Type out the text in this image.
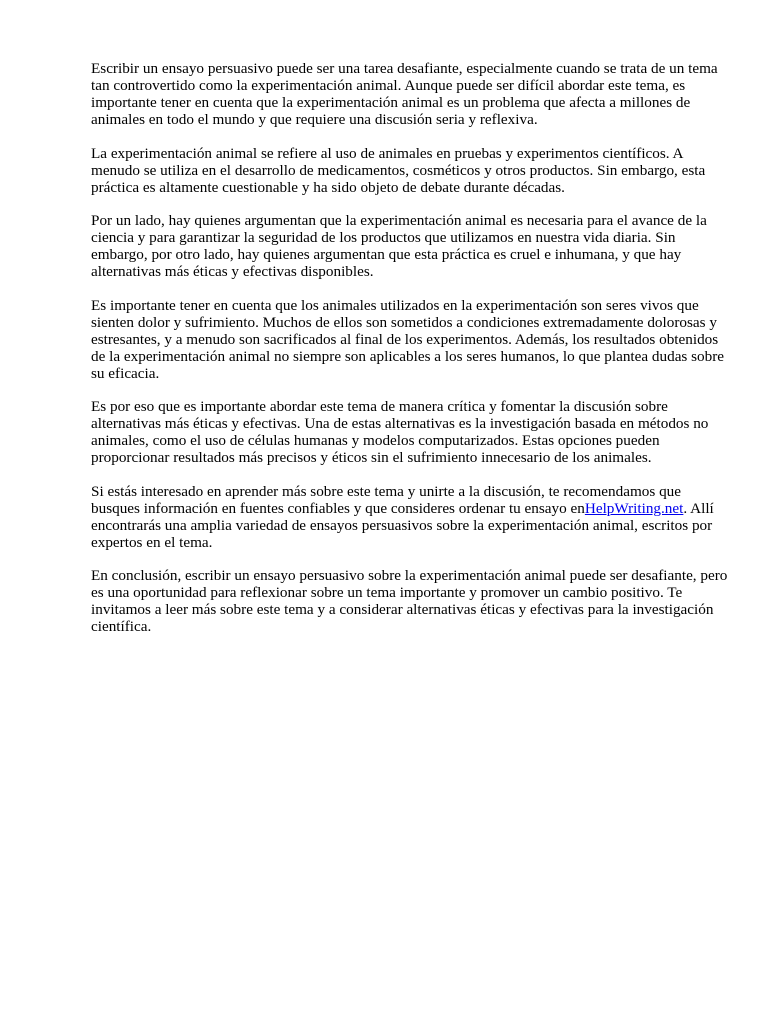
Escribir un ensayo persuasivo puede ser una tarea desafiante, especialmente cuando se trata de un tema tan controvertido como la experimentación animal. Aunque puede ser difícil abordar este tema, es importante tener en cuenta que la experimentación animal es un problema que afecta a millones de animales en todo el mundo y que requiere una discusión seria y reflexiva.

La experimentación animal se refiere al uso de animales en pruebas y experimentos científicos. A menudo se utiliza en el desarrollo de medicamentos, cosméticos y otros productos. Sin embargo, esta práctica es altamente cuestionable y ha sido objeto de debate durante décadas.

Por un lado, hay quienes argumentan que la experimentación animal es necesaria para el avance de la ciencia y para garantizar la seguridad de los productos que utilizamos en nuestra vida diaria. Sin embargo, por otro lado, hay quienes argumentan que esta práctica es cruel e inhumana, y que hay alternativas más éticas y efectivas disponibles.

Es importante tener en cuenta que los animales utilizados en la experimentación son seres vivos que sienten dolor y sufrimiento. Muchos de ellos son sometidos a condiciones extremadamente dolorosas y estresantes, y a menudo son sacrificados al final de los experimentos. Además, los resultados obtenidos de la experimentación animal no siempre son aplicables a los seres humanos, lo que plantea dudas sobre su eficacia.

Es por eso que es importante abordar este tema de manera crítica y fomentar la discusión sobre alternativas más éticas y efectivas. Una de estas alternativas es la investigación basada en métodos no animales, como el uso de células humanas y modelos computarizados. Estas opciones pueden proporcionar resultados más precisos y éticos sin el sufrimiento innecesario de los animales.

Si estás interesado en aprender más sobre este tema y unirte a la discusión, te recomendamos que busques información en fuentes confiables y que consideres ordenar tu ensayo enHelpWriting.net. Allí encontrarás una amplia variedad de ensayos persuasivos sobre la experimentación animal, escritos por expertos en el tema.

En conclusión, escribir un ensayo persuasivo sobre la experimentación animal puede ser desafiante, pero es una oportunidad para reflexionar sobre un tema importante y promover un cambio positivo. Te invitamos a leer más sobre este tema y a considerar alternativas éticas y efectivas para la investigación científica.
